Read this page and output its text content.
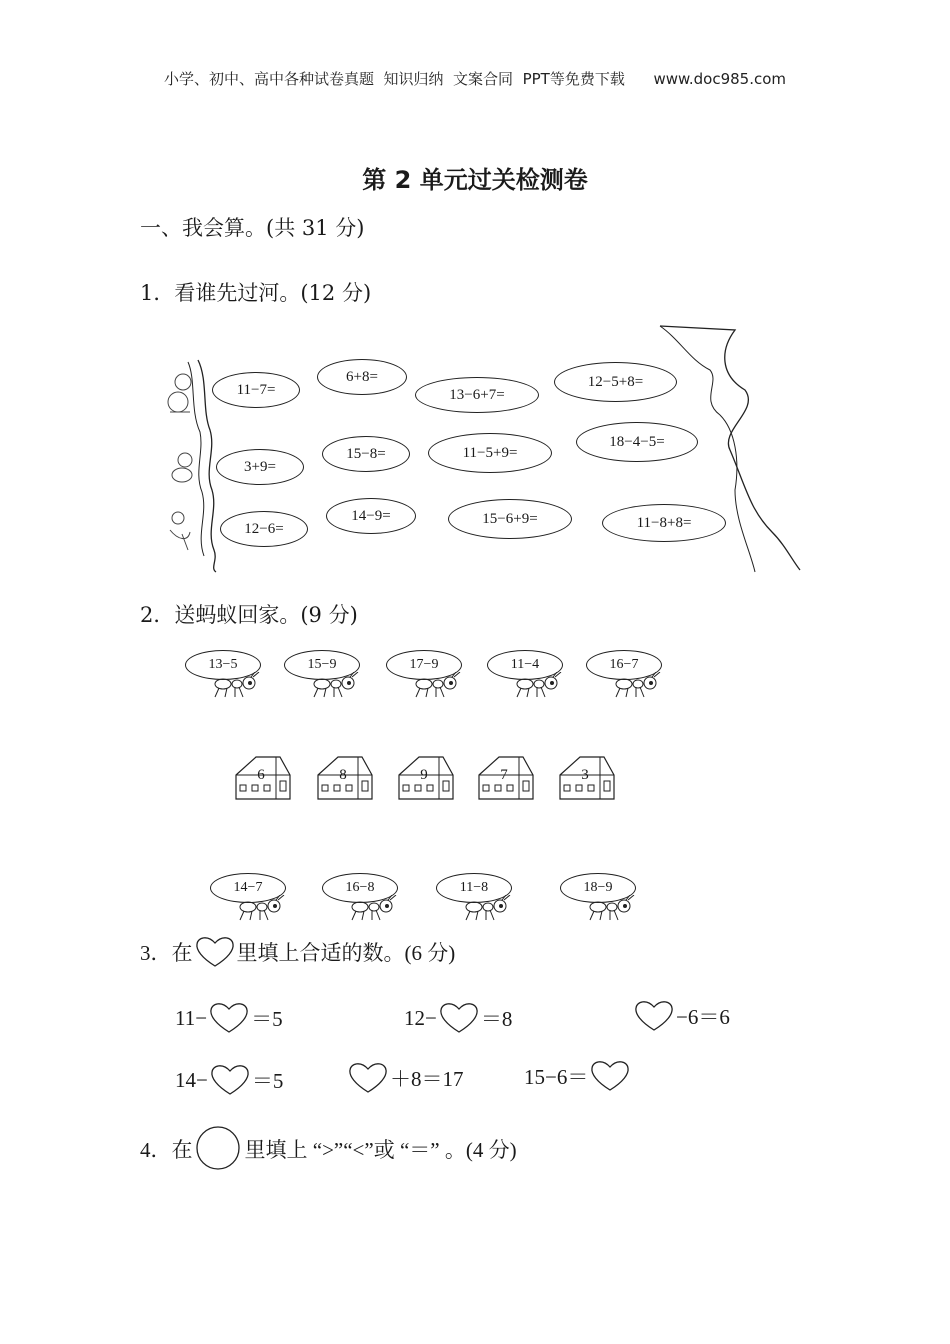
小学、初中、高中各种试卷真题  知识归纳  文案合同  PPT等免费下载      www.doc985.com
第 2 单元过关检测卷
一、我会算。(共 31 分)
1．看谁先过河。(12 分)
11−7=
6+8=
13−6+7=
12−5+8=
3+9=
15−8=	11−5+9=
18−4−5=
12−6=
14−9=	15−6+9=	11−8+8=
2．送蚂蚁回家。(9 分)
13−5	15−9	17−9	11−4	16−7
6	8	9	7	3
14−7	16−8	11−8	18−9
3．在 里填上合适的数。(6 分)
11− ＝5	12− ＝8	−6＝6
14− ＝5	＋8＝17	15−6＝
4．在 里填上 “>”“<”或 “＝” 。(4 分)
